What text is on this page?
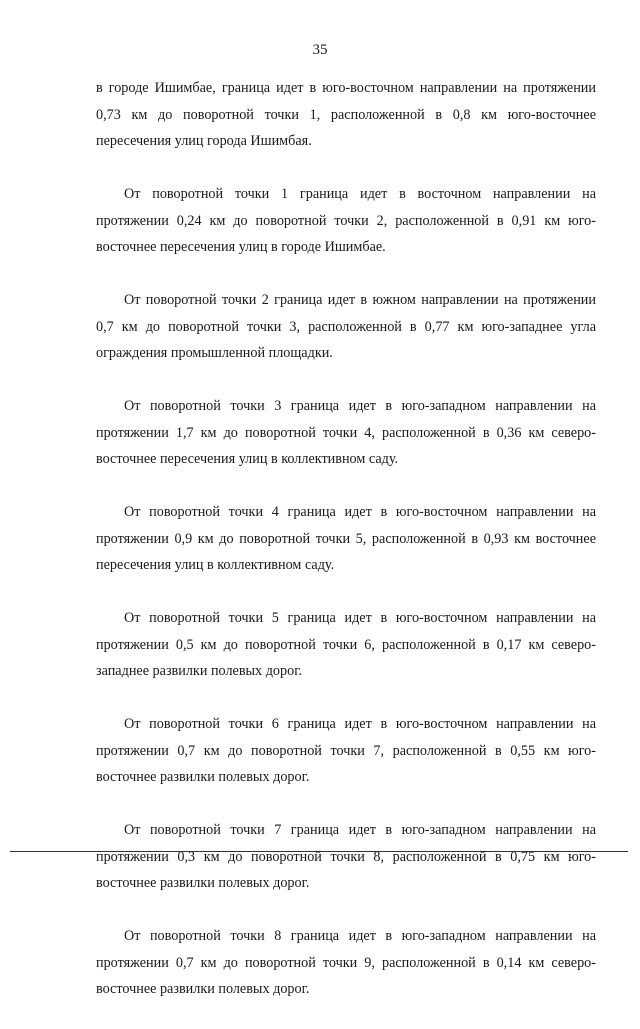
35

в городе Ишимбае, граница идет в юго-восточном направлении на протяжении 0,73 км до поворотной точки 1, расположенной в 0,8 км юго-восточнее пересечения улиц города Ишимбая.

От поворотной точки 1 граница идет в восточном направлении на протяжении 0,24 км до поворотной точки 2, расположенной в 0,91 км юго-восточнее пересечения улиц в городе Ишимбае.

От поворотной точки 2 граница идет в южном направлении на протяжении 0,7 км до поворотной точки 3, расположенной в 0,77 км юго-западнее угла ограждения промышленной площадки.

От поворотной точки 3 граница идет в юго-западном направлении на протяжении 1,7 км до поворотной точки 4, расположенной в 0,36 км северо-восточнее пересечения улиц в коллективном саду.

От поворотной точки 4 граница идет в юго-восточном направлении на протяжении 0,9 км до поворотной точки 5, расположенной в 0,93 км восточнее пересечения улиц в коллективном саду.

От поворотной точки 5 граница идет в юго-восточном направлении на протяжении 0,5 км до поворотной точки 6, расположенной в 0,17 км северо-западнее развилки полевых дорог.

От поворотной точки 6 граница идет в юго-восточном направлении на протяжении 0,7 км до поворотной точки 7, расположенной в 0,55 км юго-восточнее развилки полевых дорог.

От поворотной точки 7 граница идет в юго-западном направлении на протяжении 0,3 км до поворотной точки 8, расположенной в 0,75 км юго-восточнее развилки полевых дорог.

От поворотной точки 8 граница идет в юго-западном направлении на протяжении 0,7 км до поворотной точки 9, расположенной в 0,14 км северо-восточнее развилки полевых дорог.
